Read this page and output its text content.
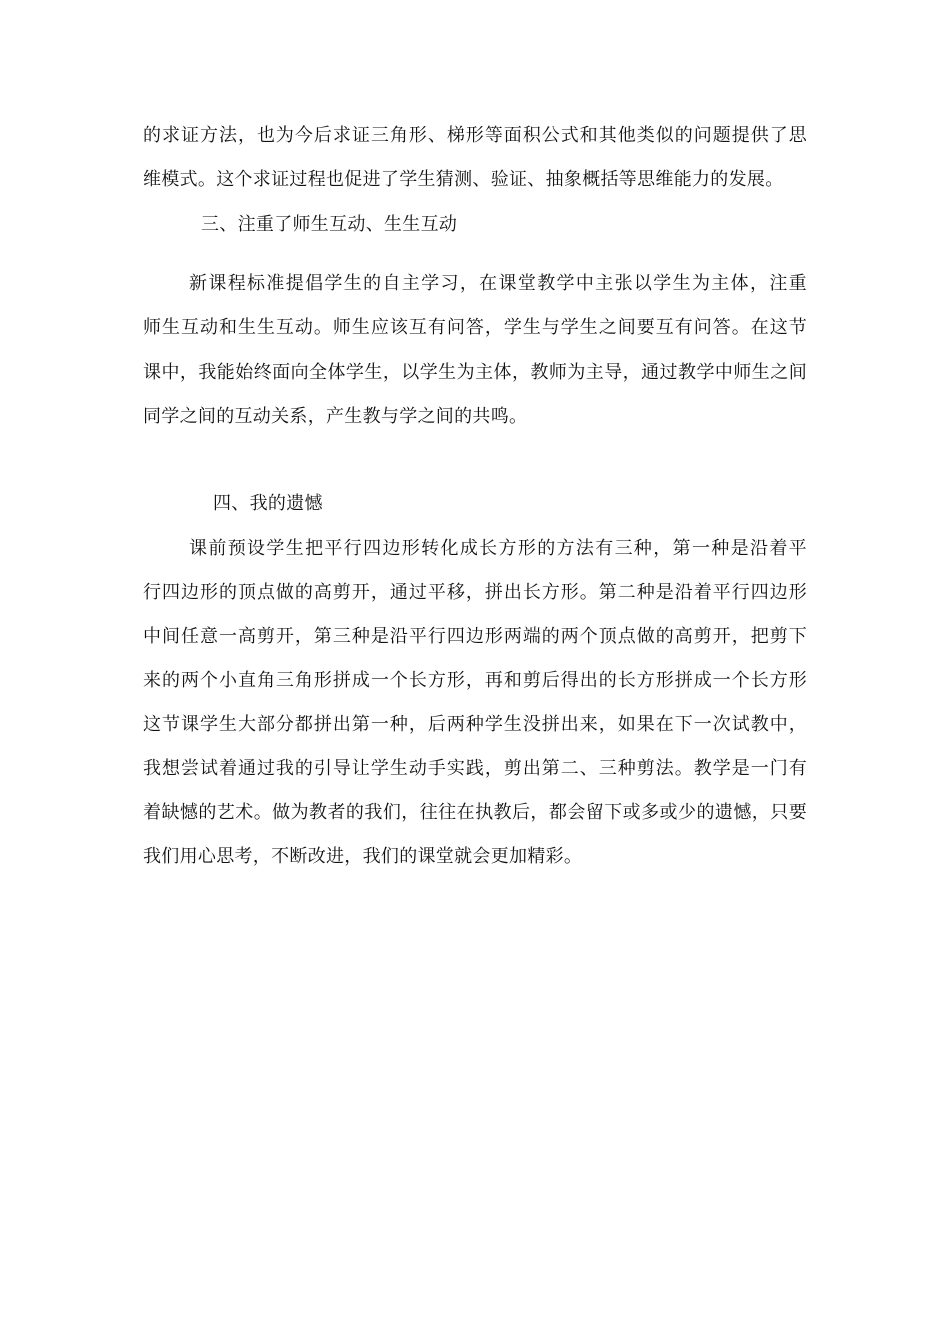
的求证方法，也为今后求证三角形、梯形等面积公式和其他类似的问题提供了思
维模式。这个求证过程也促进了学生猜测、验证、抽象概括等思维能力的发展。
三、注重了师生互动、生生互动
新课程标准提倡学生的自主学习，在课堂教学中主张以学生为主体，注重
师生互动和生生互动。师生应该互有问答，学生与学生之间要互有问答。在这节
课中，我能始终面向全体学生，以学生为主体，教师为主导，通过教学中师生之间
同学之间的互动关系，产生教与学之间的共鸣。
四、我的遗憾
课前预设学生把平行四边形转化成长方形的方法有三种，第一种是沿着平
行四边形的顶点做的高剪开，通过平移，拼出长方形。第二种是沿着平行四边形
中间任意一高剪开，第三种是沿平行四边形两端的两个顶点做的高剪开，把剪下
来的两个小直角三角形拼成一个长方形，再和剪后得出的长方形拼成一个长方形
这节课学生大部分都拼出第一种，后两种学生没拼出来，如果在下一次试教中，
我想尝试着通过我的引导让学生动手实践，剪出第二、三种剪法。教学是一门有
着缺憾的艺术。做为教者的我们，往往在执教后，都会留下或多或少的遗憾，只要
我们用心思考，不断改进，我们的课堂就会更加精彩。
